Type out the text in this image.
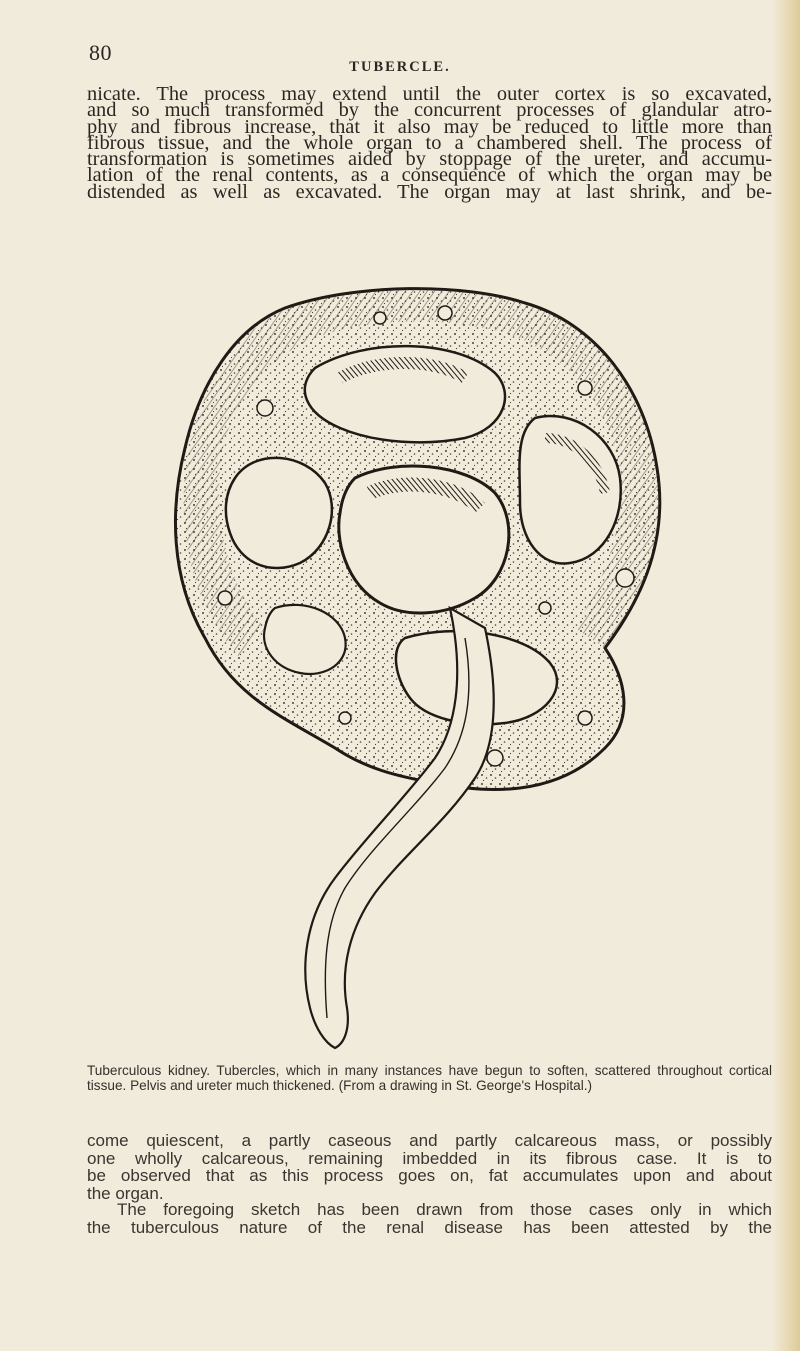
80
TUBERCLE.

nicate. The process may extend until the outer cortex is so excavated,
and so much transformed by the concurrent processes of glandular atro-
phy and fibrous increase, that it also may be reduced to little more than
fibrous tissue, and the whole organ to a chambered shell. The process of
transformation is sometimes aided by stoppage of the ureter, and accumu-
lation of the renal contents, as a consequence of which the organ may be
distended as well as excavated. The organ may at last shrink, and be-

Tuberculous kidney. Tubercles, which in many instances have begun to soften, scattered throughout cortical tissue. Pelvis and ureter much thickened. (From a drawing in St. George's Hospital.)

come quiescent, a partly caseous and partly calcareous mass, or possibly
one wholly calcareous, remaining imbedded in its fibrous case. It is to
be observed that as this process goes on, fat accumulates upon and about
the organ.

The foregoing sketch has been drawn from those cases only in which
the tuberculous nature of the renal disease has been attested by the
